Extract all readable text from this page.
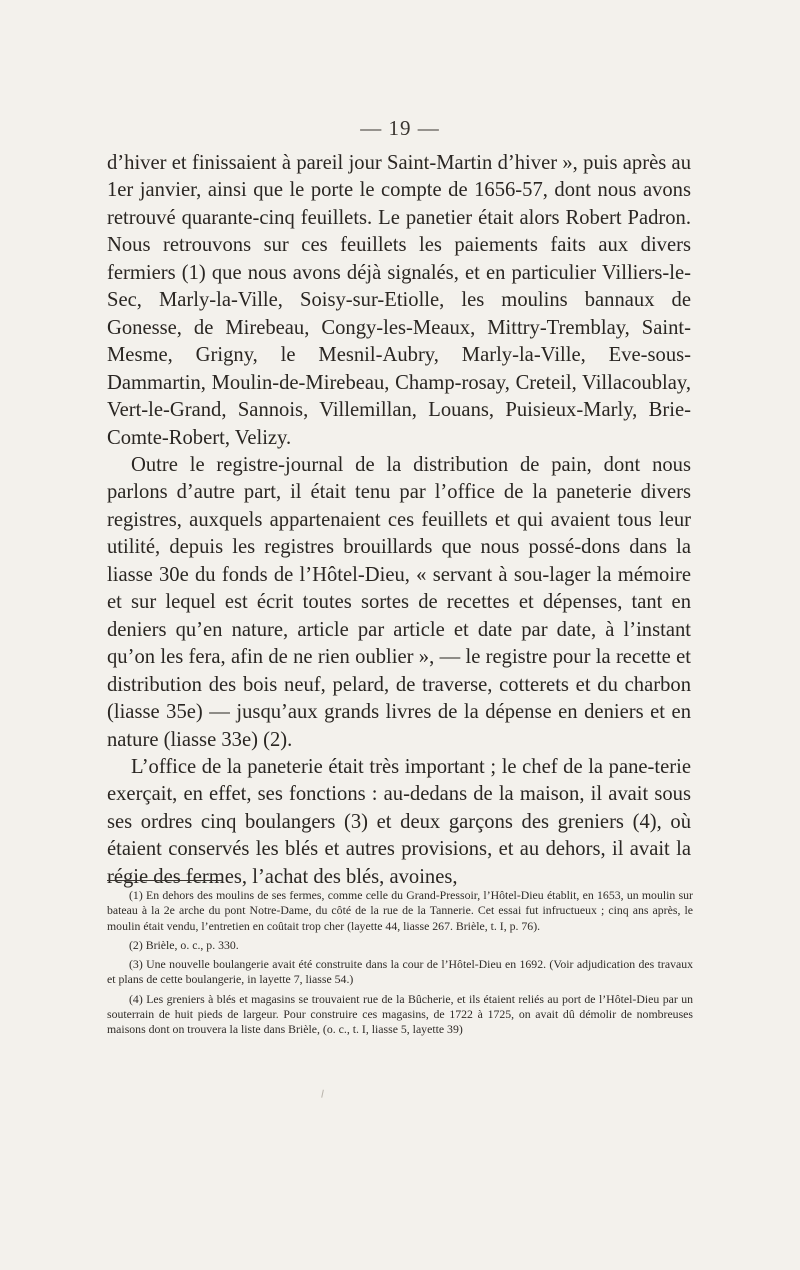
— 19 —

d’hiver et finissaient à pareil jour Saint-Martin d’hiver », puis après au 1er janvier, ainsi que le porte le compte de 1656-57, dont nous avons retrouvé quarante-cinq feuillets. Le panetier était alors Robert Padron. Nous retrouvons sur ces feuillets les paiements faits aux divers fermiers (1) que nous avons déjà signalés, et en particulier Villiers-le-Sec, Marly-la-Ville, Soisy-sur-Etiolle, les moulins bannaux de Gonesse, de Mirebeau, Congy-les-Meaux, Mittry-Tremblay, Saint-Mesme, Grigny, le Mesnil-Aubry, Marly-la-Ville, Eve-sous-Dammartin, Moulin-de-Mirebeau, Champ-rosay, Creteil, Villacoublay, Vert-le-Grand, Sannois, Villemillan, Louans, Puisieux-Marly, Brie-Comte-Robert, Velizy.

Outre le registre-journal de la distribution de pain, dont nous parlons d’autre part, il était tenu par l’office de la paneterie divers registres, auxquels appartenaient ces feuillets et qui avaient tous leur utilité, depuis les registres brouillards que nous possé-dons dans la liasse 30e du fonds de l’Hôtel-Dieu, « servant à sou-lager la mémoire et sur lequel est écrit toutes sortes de recettes et dépenses, tant en deniers qu’en nature, article par article et date par date, à l’instant qu’on les fera, afin de ne rien oublier », — le registre pour la recette et distribution des bois neuf, pelard, de traverse, cotterets et du charbon (liasse 35e) — jusqu’aux grands livres de la dépense en deniers et en nature (liasse 33e) (2).

L’office de la paneterie était très important ; le chef de la pane-terie exerçait, en effet, ses fonctions : au-dedans de la maison, il avait sous ses ordres cinq boulangers (3) et deux garçons des greniers (4), où étaient conservés les blés et autres provisions, et au dehors, il avait la régie des fermes, l’achat des blés, avoines,

(1) En dehors des moulins de ses fermes, comme celle du Grand-Pressoir, l’Hôtel-Dieu établit, en 1653, un moulin sur bateau à la 2e arche du pont Notre-Dame, du côté de la rue de la Tannerie. Cet essai fut infructueux ; cinq ans après, le moulin était vendu, l’entretien en coûtait trop cher (layette 44, liasse 267. Brièle, t. I, p. 76).

(2) Brièle, o. c., p. 330.

(3) Une nouvelle boulangerie avait été construite dans la cour de l’Hôtel-Dieu en 1692. (Voir adjudication des travaux et plans de cette boulangerie, in layette 7, liasse 54.)

(4) Les greniers à blés et magasins se trouvaient rue de la Bûcherie, et ils étaient reliés au port de l’Hôtel-Dieu par un souterrain de huit pieds de largeur. Pour construire ces magasins, de 1722 à 1725, on avait dû démolir de nombreuses maisons dont on trouvera la liste dans Brièle, (o. c., t. I, liasse 5, layette 39)
